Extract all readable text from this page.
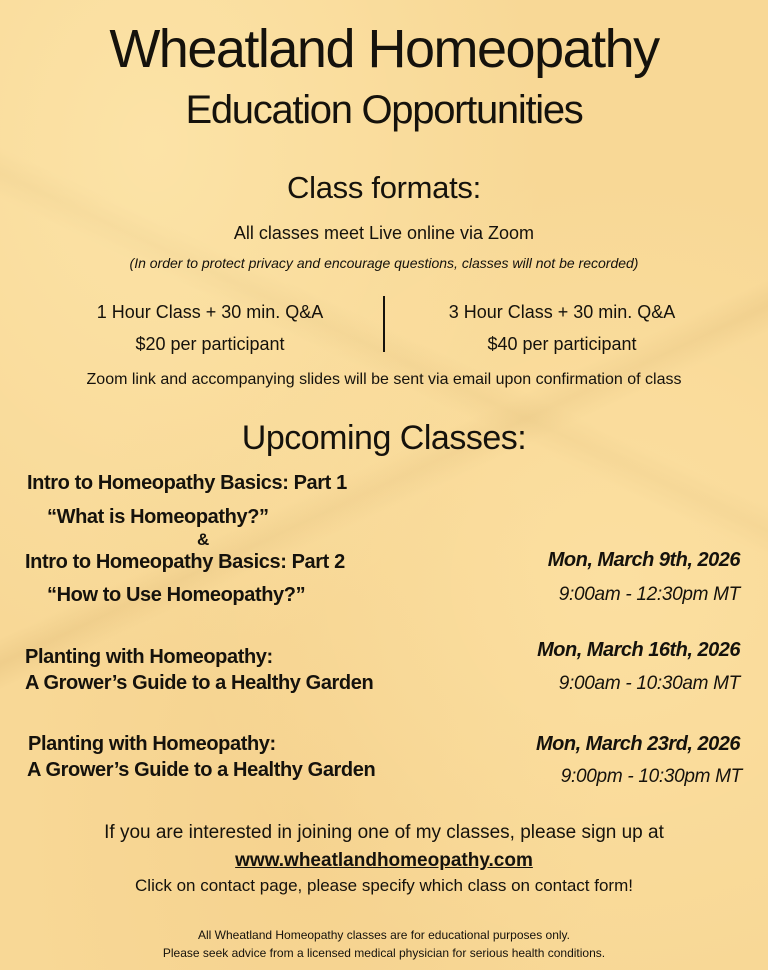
Wheatland Homeopathy
Education Opportunities
Class formats:
All classes meet Live online via Zoom
(In order to protect privacy and encourage questions, classes will not be recorded)
1 Hour Class + 30 min. Q&A
$20 per participant
3 Hour Class + 30 min. Q&A
$40 per participant
Zoom link and accompanying slides will be sent via email upon confirmation of class
Upcoming Classes:
Intro to Homeopathy Basics: Part 1
“What is Homeopathy?”
&
Intro to Homeopathy Basics: Part 2
“How to Use Homeopathy?”
Mon, March 9th, 2026
9:00am - 12:30pm MT
Planting with Homeopathy:
A Grower’s Guide to a Healthy Garden
Mon, March 16th, 2026
9:00am - 10:30am MT
Planting with Homeopathy:
A Grower’s Guide to a Healthy Garden
Mon, March 23rd, 2026
9:00pm - 10:30pm MT
If you are interested in joining one of my classes, please sign up at
www.wheatlandhomeopathy.com
Click on contact page, please specify which class on contact form!
All Wheatland Homeopathy classes are for educational purposes only.
Please seek advice from a licensed medical physician for serious health conditions.
